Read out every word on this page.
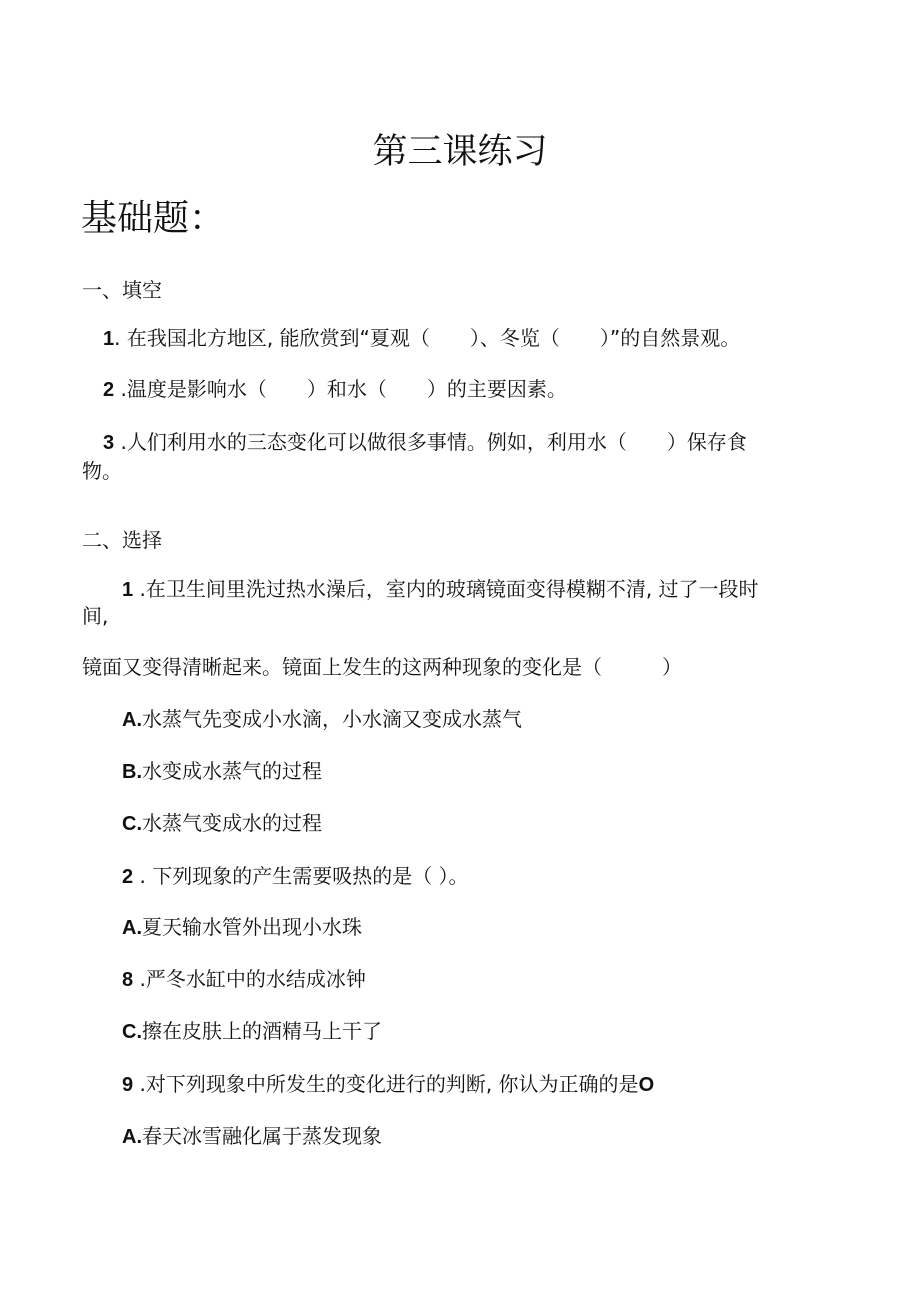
第三课练习
基础题：
一、填空
1. 在我国北方地区, 能欣赏到“夏观（　　）、冬览（　　）”的自然景观。
2 .温度是影响水（　　）和水（　　）的主要因素。
3 .人们利用水的三态变化可以做很多事情。例如，利用水（　　）保存食
物。
二、选择
1 .在卫生间里洗过热水澡后，室内的玻璃镜面变得模糊不清, 过了一段时
间,
镜面又变得清晰起来。镜面上发生的这两种现象的变化是（　　　）
A.水蒸气先变成小水滴，小水滴又变成水蒸气
B.水变成水蒸气的过程
C.水蒸气变成水的过程
2 . 下列现象的产生需要吸热的是（ ）。
A.夏天输水管外出现小水珠
8 .严冬水缸中的水结成冰钟
C.擦在皮肤上的酒精马上干了
9 .对下列现象中所发生的变化进行的判断, 你认为正确的是O
A.春天冰雪融化属于蒸发现象
